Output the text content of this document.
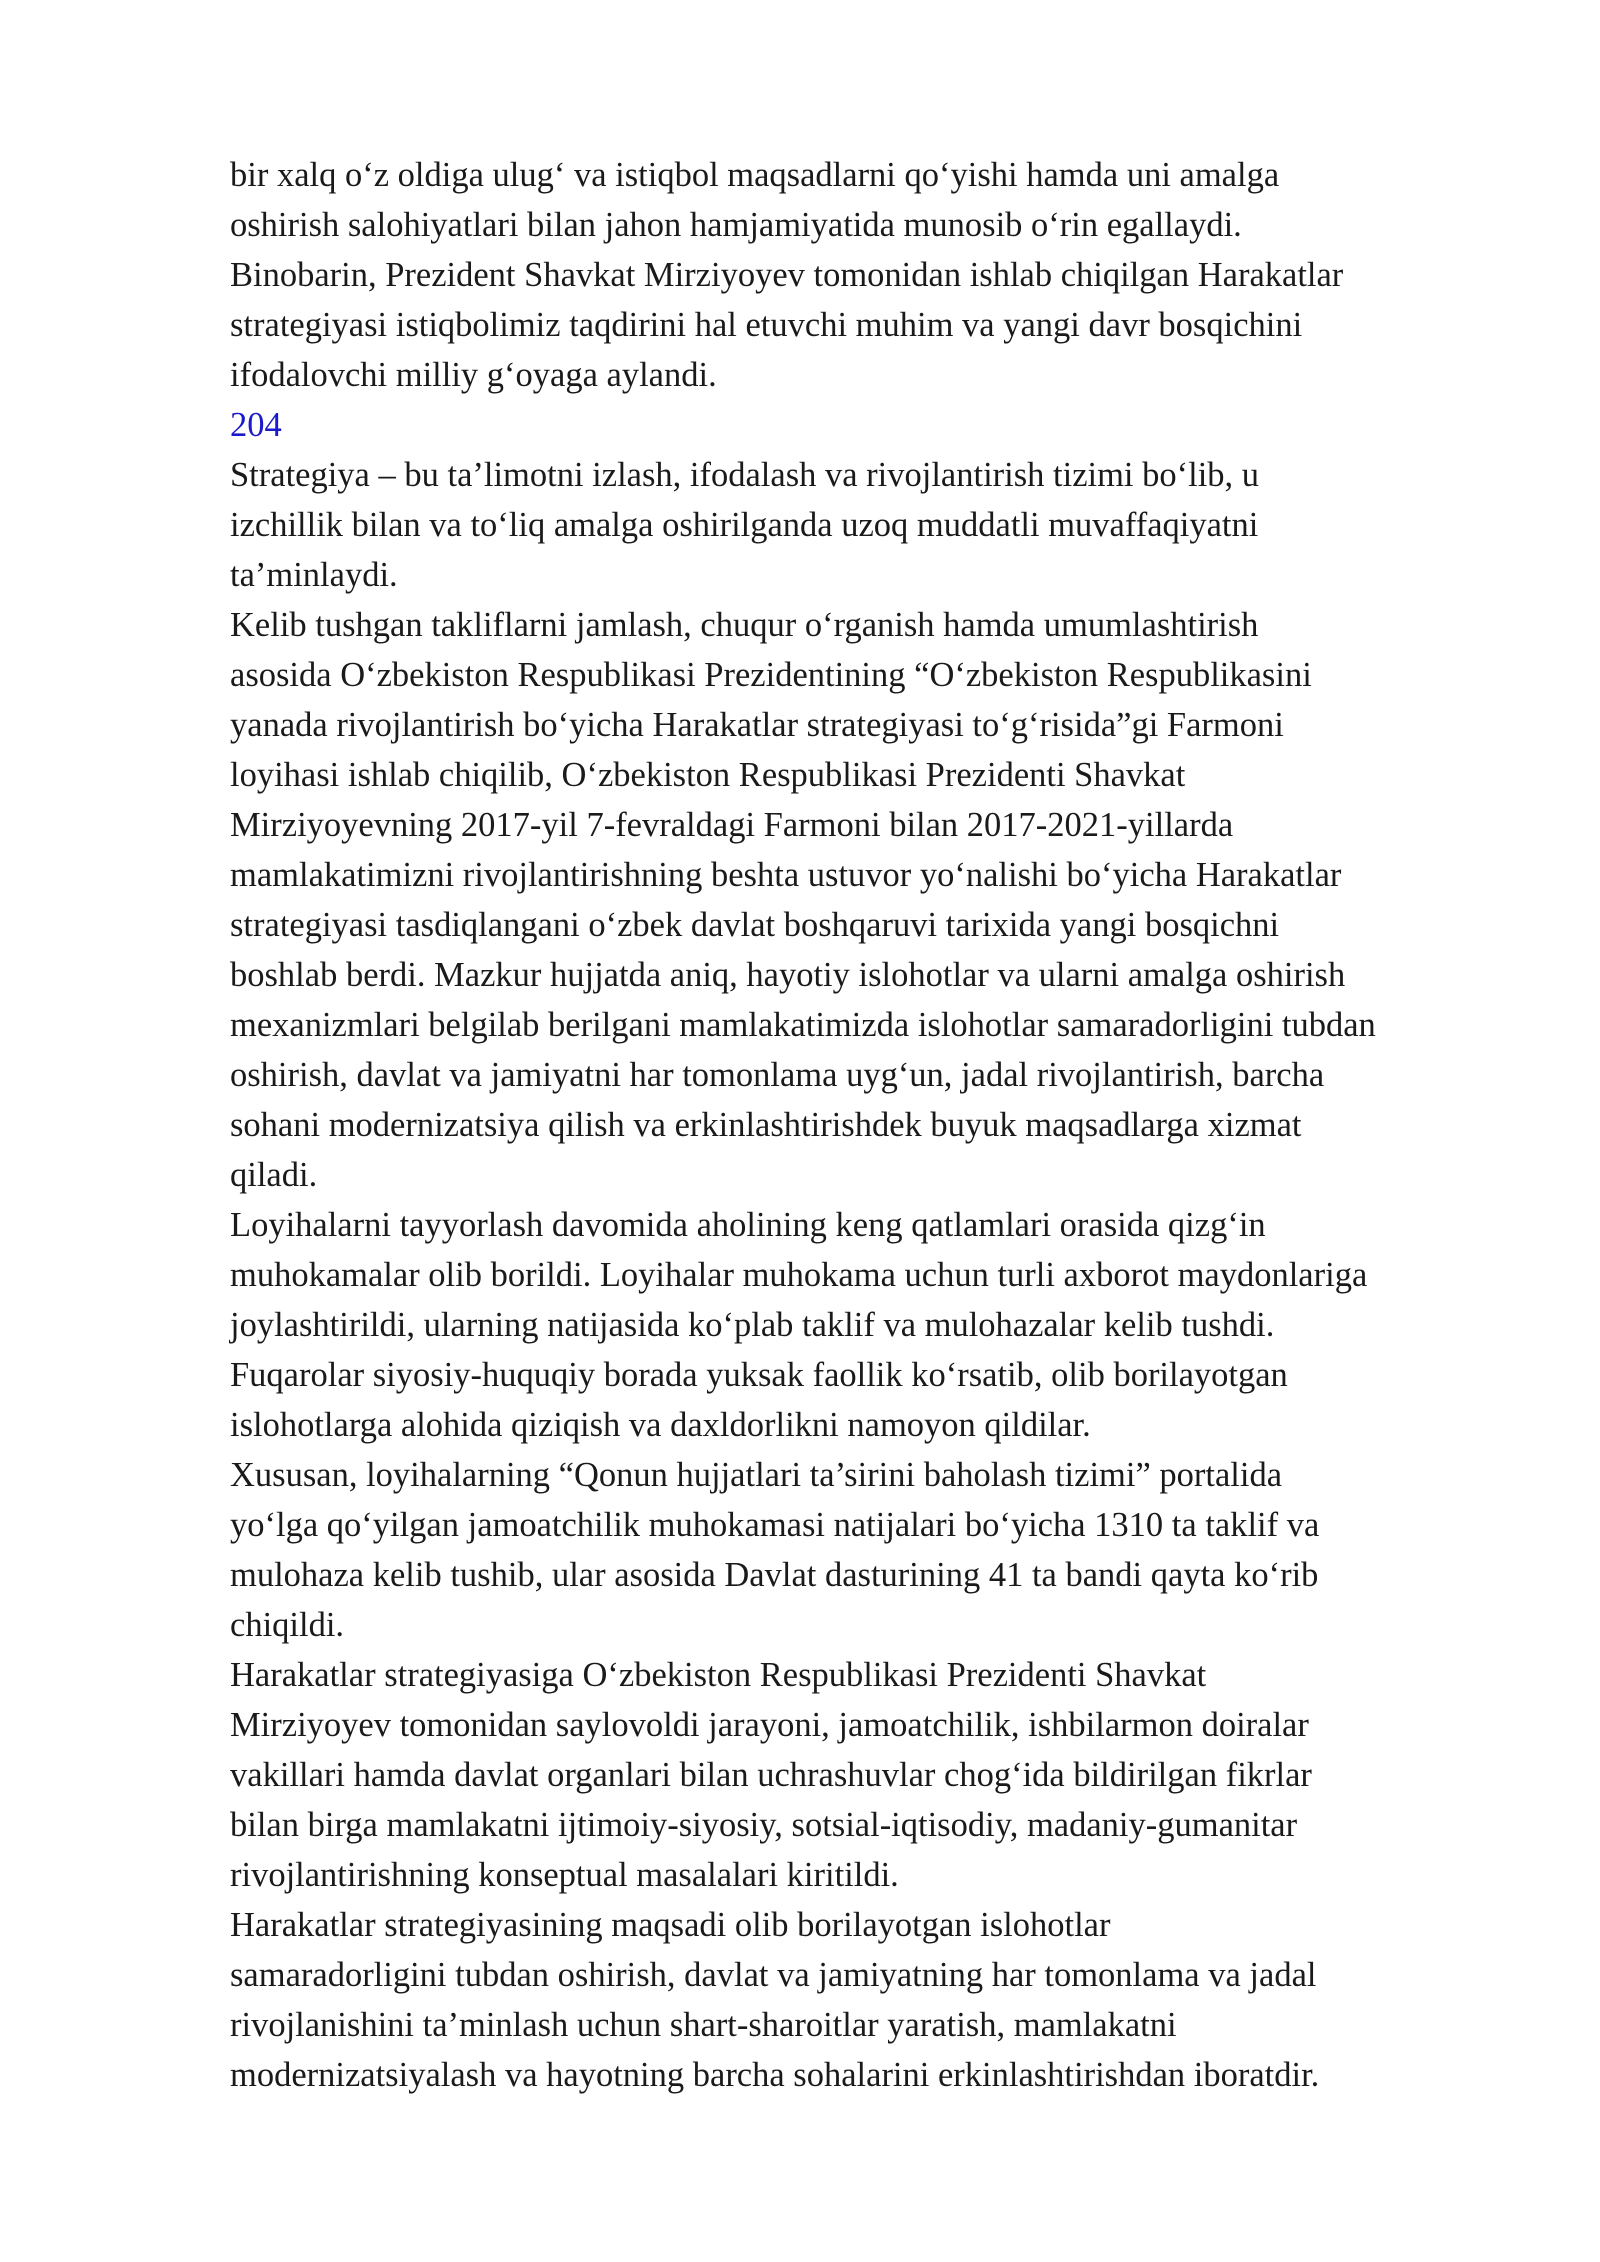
bir xalq o‘z oldiga ulug‘ va istiqbol maqsadlarni qo‘yishi hamda uni amalga
oshirish salohiyatlari bilan jahon hamjamiyatida munosib o‘rin egallaydi.
Binobarin, Prezident Shavkat Mirziyoyev tomonidan ishlab chiqilgan Harakatlar
strategiyasi istiqbolimiz taqdirini hal etuvchi muhim va yangi davr bosqichini
ifodalovchi milliy g‘oyaga aylandi.
204
Strategiya – bu ta’limotni izlash, ifodalash va rivojlantirish tizimi bo‘lib, u
izchillik bilan va to‘liq amalga oshirilganda uzoq muddatli muvaffaqiyatni
ta’minlaydi.
Kelib tushgan takliflarni jamlash, chuqur o‘rganish hamda umumlashtirish
asosida O‘zbekiston Respublikasi Prezidentining “O‘zbekiston Respublikasini
yanada rivojlantirish bo‘yicha Harakatlar strategiyasi to‘g‘risida”gi Farmoni
loyihasi ishlab chiqilib, O‘zbekiston Respublikasi Prezidenti Shavkat
Mirziyoyevning 2017-yil 7-fevraldagi Farmoni bilan 2017-2021-yillarda
mamlakatimizni rivojlantirishning beshta ustuvor yo‘nalishi bo‘yicha Harakatlar
strategiyasi tasdiqlangani o‘zbek davlat boshqaruvi tarixida yangi bosqichni
boshlab berdi. Mazkur hujjatda aniq, hayotiy islohotlar va ularni amalga oshirish
mexanizmlari belgilab berilgani mamlakatimizda islohotlar samaradorligini tubdan
oshirish, davlat va jamiyatni har tomonlama uyg‘un, jadal rivojlantirish, barcha
sohani modernizatsiya qilish va erkinlashtirishdek buyuk maqsadlarga xizmat
qiladi.
Loyihalarni tayyorlash davomida aholining keng qatlamlari orasida qizg‘in
muhokamalar olib borildi. Loyihalar muhokama uchun turli axborot maydonlariga
joylashtirildi, ularning natijasida ko‘plab taklif va mulohazalar kelib tushdi.
Fuqarolar siyosiy-huquqiy borada yuksak faollik ko‘rsatib, olib borilayotgan
islohotlarga alohida qiziqish va daxldorlikni namoyon qildilar.
Xususan, loyihalarning “Qonun hujjatlari ta’sirini baholash tizimi” portalida
yo‘lga qo‘yilgan jamoatchilik muhokamasi natijalari bo‘yicha 1310 ta taklif va
mulohaza kelib tushib, ular asosida Davlat dasturining 41 ta bandi qayta ko‘rib
chiqildi.
Harakatlar strategiyasiga O‘zbekiston Respublikasi Prezidenti Shavkat
Mirziyoyev tomonidan saylovoldi jarayoni, jamoatchilik, ishbilarmon doiralar
vakillari hamda davlat organlari bilan uchrashuvlar chog‘ida bildirilgan fikrlar
bilan birga mamlakatni ijtimoiy-siyosiy, sotsial-iqtisodiy, madaniy-gumanitar
rivojlantirishning konseptual masalalari kiritildi.
Harakatlar strategiyasining maqsadi olib borilayotgan islohotlar
samaradorligini tubdan oshirish, davlat va jamiyatning har tomonlama va jadal
rivojlanishini ta’minlash uchun shart-sharoitlar yaratish, mamlakatni
modernizatsiyalash va hayotning barcha sohalarini erkinlashtirishdan iboratdir.
